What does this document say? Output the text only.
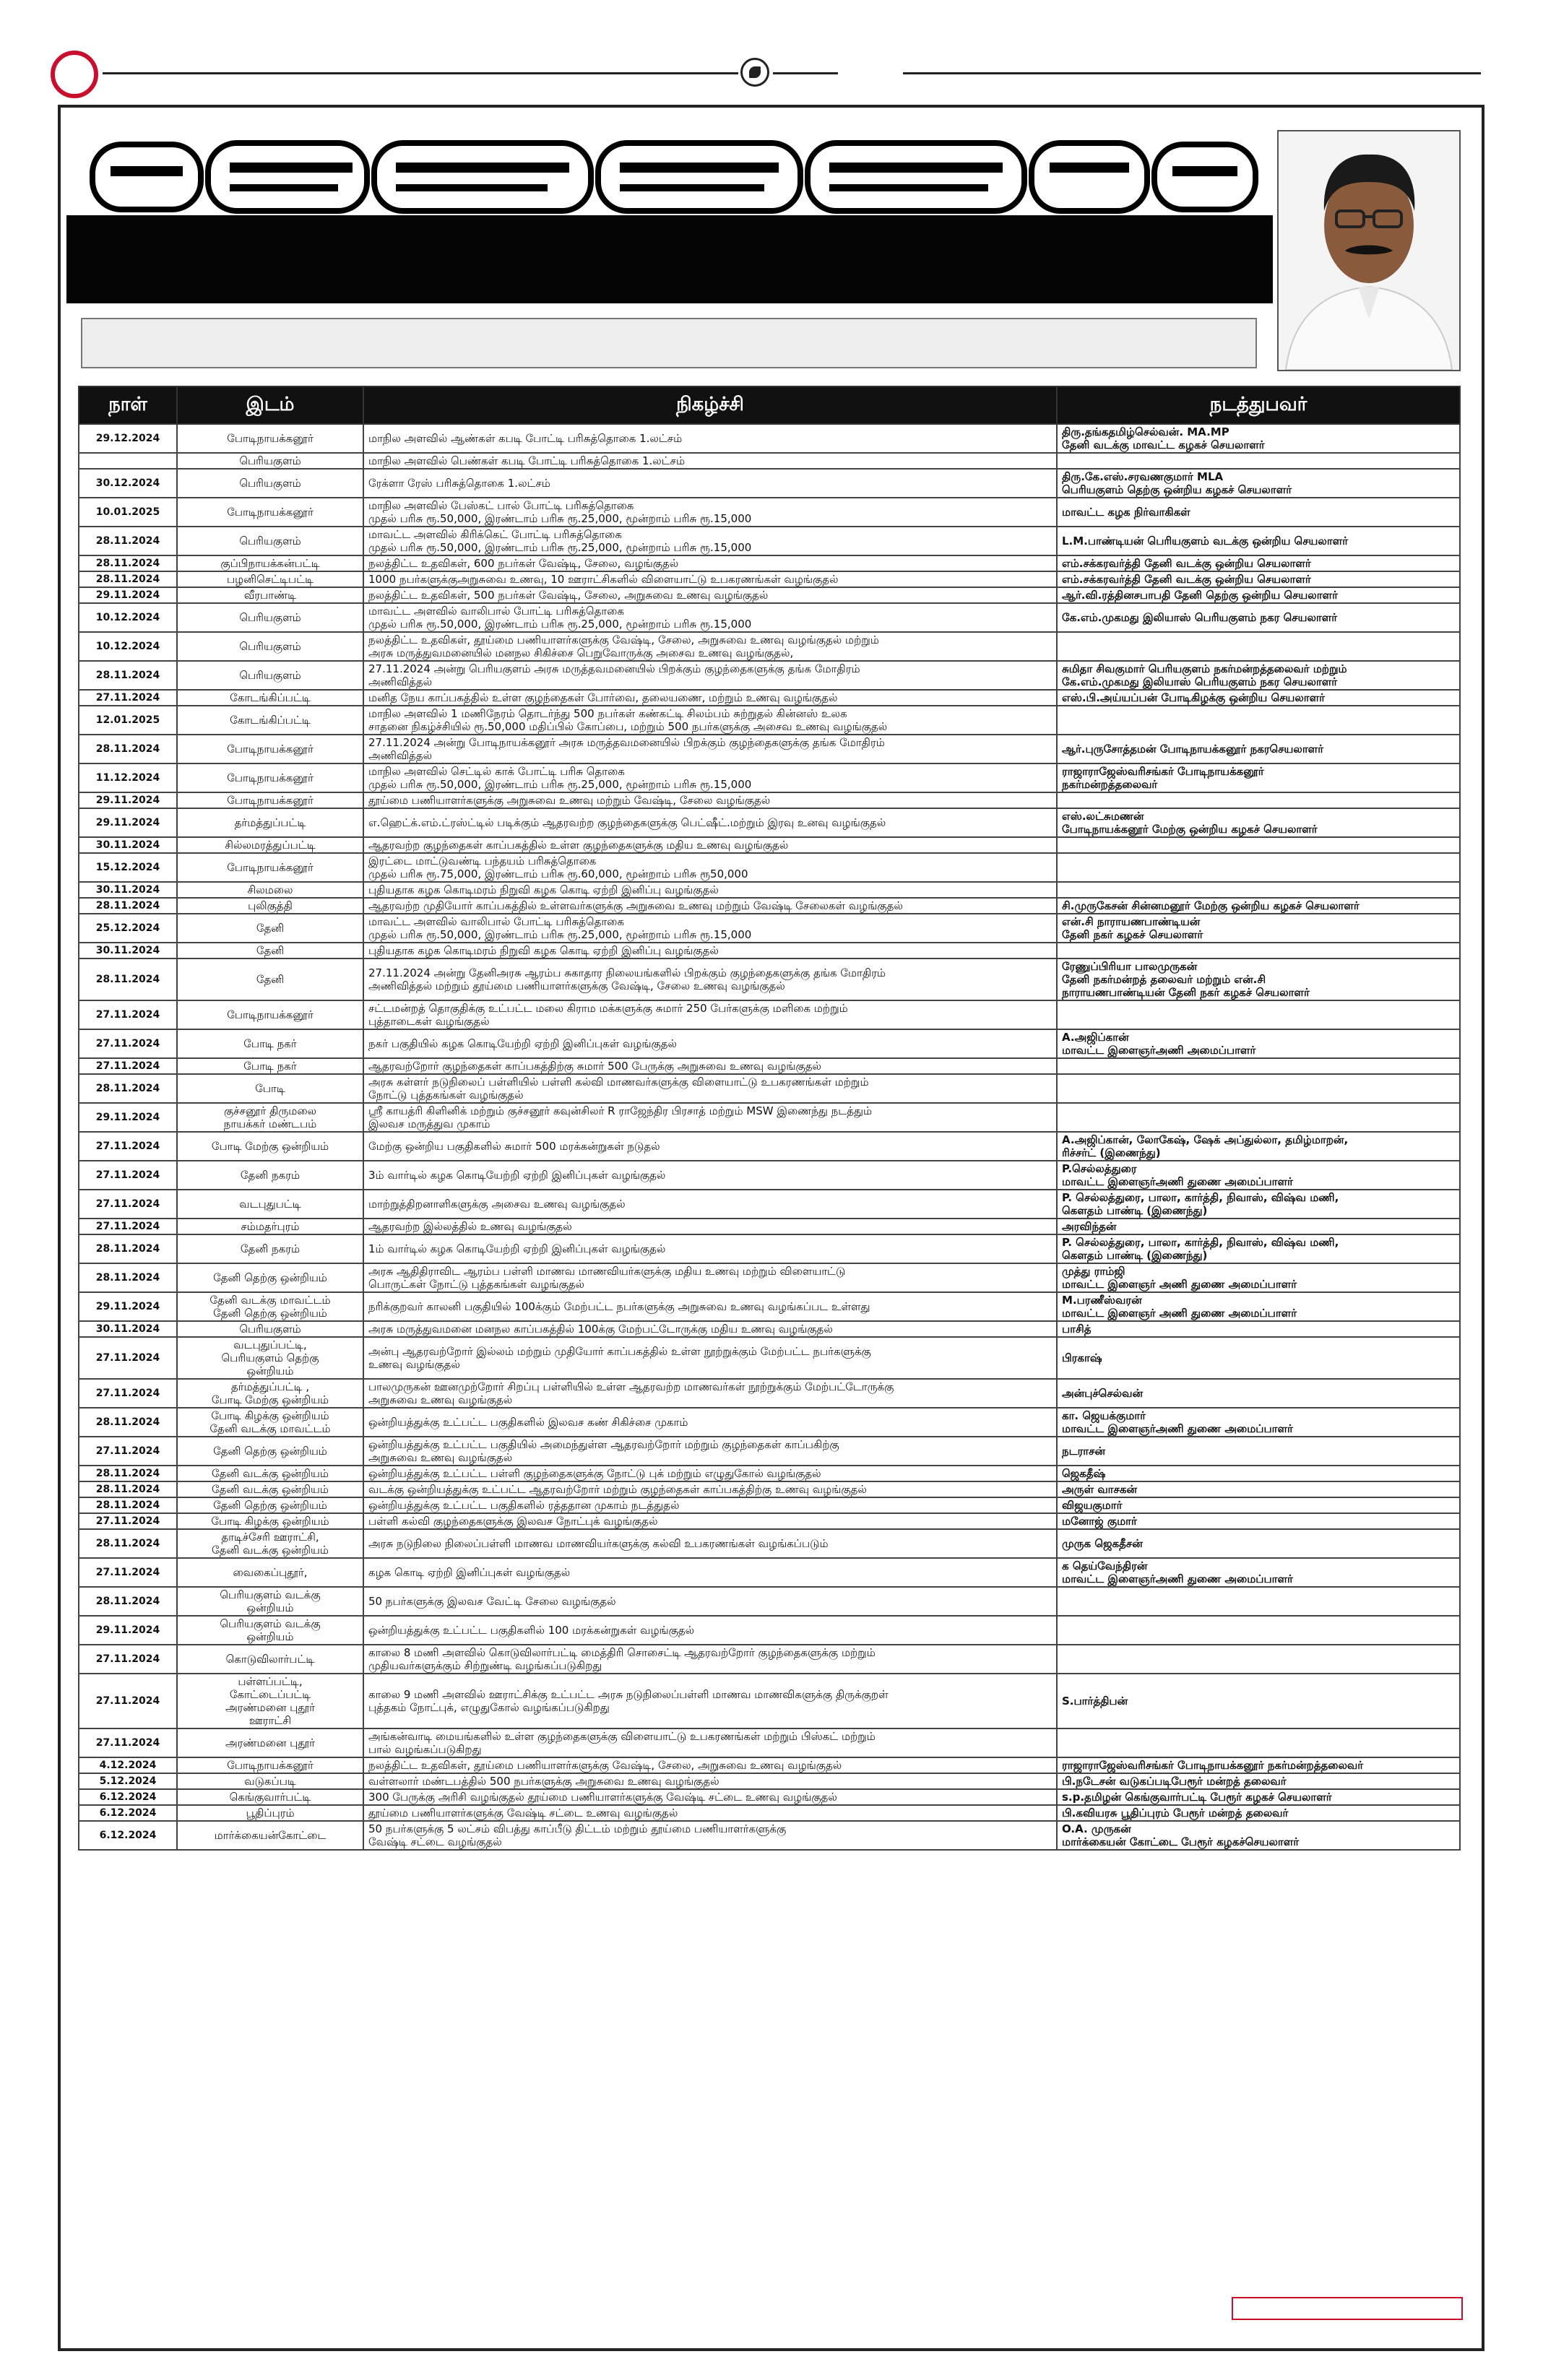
நாள்	இடம்	நிகழ்ச்சி	நடத்துபவர்
29.12.2024	போடிநாயக்கனூர்	மாநில அளவில் ஆண்கள் கபடி போட்டி பரிசுத்தொகை 1.லட்சம்	திரு.தங்கதமிழ்செல்வன். MA.MP
தேனி வடக்கு மாவட்ட கழகச் செயலாளர்
	பெரியகுளம்	மாநில அளவில் பெண்கள் கபடி போட்டி பரிசுத்தொகை 1.லட்சம்	
30.12.2024	பெரியகுளம்	ரேக்ளா ரேஸ் பரிசுத்தொகை 1.லட்சம்	திரு.கே.எஸ்.சரவணகுமார் MLA
பெரியகுளம் தெற்கு ஒன்றிய கழகச் செயலாளர்
10.01.2025	போடிநாயக்கனூர்	மாநில அளவில் பேஸ்கட் பால் போட்டி பரிசுத்தொகை
முதல் பரிசு ரூ.50,000, இரண்டாம் பரிசு ரூ.25,000, மூன்றாம் பரிசு ரூ.15,000	மாவட்ட கழக நிர்வாகிகள்
28.11.2024	பெரியகுளம்	மாவட்ட அளவில் கிரிக்கெட் போட்டி பரிசுத்தொகை
முதல் பரிசு ரூ.50,000, இரண்டாம் பரிசு ரூ.25,000, மூன்றாம் பரிசு ரூ.15,000	L.M.பாண்டியன் பெரியகுளம் வடக்கு ஒன்றிய செயலாளர்
28.11.2024	குப்பிநாயக்கன்பட்டி	நலத்திட்ட உதவிகள், 600 நபர்கள் வேஷ்டி, சேலை, வழங்குதல்	எம்.சக்கரவர்த்தி தேனி வடக்கு ஒன்றிய செயலாளர்
28.11.2024	பழனிசெட்டிபட்டி	1000 நபர்களுக்குஅறுசுவை உணவு, 10 ஊராட்சிகளில் விளையாட்டு உபகரணங்கள் வழங்குதல்	எம்.சக்கரவர்த்தி தேனி வடக்கு ஒன்றிய செயலாளர்
29.11.2024	வீரபாண்டி	நலத்திட்ட உதவிகள், 500 நபர்கள் வேஷ்டி, சேலை, அறுசுவை உணவு வழங்குதல்	ஆர்.வி.ரத்தினசபாபதி தேனி தெற்கு ஒன்றிய செயலாளர்
10.12.2024	பெரியகுளம்	மாவட்ட அளவில் வாலிபால் போட்டி பரிசுத்தொகை
முதல் பரிசு ரூ.50,000, இரண்டாம் பரிசு ரூ.25,000, மூன்றாம் பரிசு ரூ.15,000	கே.எம்.முகமது இலியாஸ் பெரியகுளம் நகர செயலாளர்
10.12.2024	பெரியகுளம்	நலத்திட்ட உதவிகள், தூய்மை பணியாளர்களுக்கு வேஷ்டி, சேலை, அறுசுவை உணவு வழங்குதல் மற்றும்
அரசு மருத்துவமனையில் மனநல சிகிச்சை பெறுவோருக்கு அசைவ உணவு வழங்குதல்,	
28.11.2024	பெரியகுளம்	27.11.2024 அன்று பெரியகுளம் அரசு மருத்தவமனையில் பிறக்கும் குழந்தைகளுக்கு தங்க மோதிரம்
அணிவித்தல்	சுமிதா சிவகுமார் பெரியகுளம் நகர்மன்றத்தலைவர் மற்றும்
கே.எம்.முகமது இலியாஸ் பெரியகுளம் நகர செயலாளர்
27.11.2024	கோடங்கிப்பட்டி	மனித நேய காப்பகத்தில் உள்ள குழந்தைகள் போர்வை, தலையணை, மற்றும் உணவு வழங்குதல்	எஸ்.பி.அய்யப்பன் போடிகிழக்கு ஒன்றிய செயலாளர்
12.01.2025	கோடங்கிப்பட்டி	மாநில அளவில் 1 மணிநேரம் தொடர்ந்து 500 நபர்கள் கண்கட்டி சிலம்பம் சுற்றுதல் கின்னஸ் உலக
சாதனை நிகழ்ச்சியில் ரூ.50,000 மதிப்பில் கோப்பை, மற்றும் 500 நபர்களுக்கு அசைவ உணவு வழங்குதல்	
28.11.2024	போடிநாயக்கனூர்	27.11.2024 அன்று போடிநாயக்கனூர் அரசு மருத்தவமனையில் பிறக்கும் குழந்தைகளுக்கு தங்க மோதிரம்
அணிவித்தல்	ஆர்.புருசோத்தமன் போடிநாயக்கனூர் நகரசெயலாளர்
11.12.2024	போடிநாயக்கனூர்	மாநில அளவில் செட்டில் காக் போட்டி பரிசு தொகை
முதல் பரிசு ரூ.50,000, இரண்டாம் பரிசு ரூ.25,000, மூன்றாம் பரிசு ரூ.15,000	ராஜாராஜேஸ்வரிசங்கர் போடிநாயக்கனூர்
நகர்மன்றத்தலைவர்
29.11.2024	போடிநாயக்கனூர்	தூய்மை பணியாளர்களுக்கு அறுசுவை உணவு மற்றும் வேஷ்டி, சேலை வழங்குதல்	
29.11.2024	தர்மத்துப்பட்டி	எ.ஹெட்க்.எம்.ட்ரஸ்ட்டில் படிக்கும் ஆதரவற்ற குழந்தைகளுக்கு பெட்ஷீட்.மற்றும் இரவு உனவு வழங்குதல்	எஸ்.லட்சுமணன்
போடிநாயக்கனூர் மேற்கு ஒன்றிய கழகச் செயலாளர்
30.11.2024	சில்லமரத்துப்பட்டி	ஆதரவற்ற குழந்தைகள் காப்பகத்தில் உள்ள குழந்தைகளுக்கு மதிய உணவு வழங்குதல்	
15.12.2024	போடிநாயக்கனூர்	இரட்டை மாட்டுவண்டி பந்தயம் பரிசுத்தொகை
முதல் பரிசு ரூ.75,000, இரண்டாம் பரிசு ரூ.60,000, மூன்றாம் பரிசு ரூ50,000	
30.11.2024	சிலமலை	புதியதாக கழக கொடிமரம் நிறுவி கழக கொடி ஏற்றி இனிப்பு வழங்குதல்	
28.11.2024	புலிகுத்தி	ஆதரவற்ற முதியோர் காப்பகத்தில் உள்ளவர்களுக்கு அறுசுவை உணவு மற்றும் வேஷ்டி சேலைகள் வழங்குதல்	சி.முருகேசன் சின்னமனூர் மேற்கு ஒன்றிய கழகச் செயலாளர்
25.12.2024	தேனி	மாவட்ட அளவில் வாலிபால் போட்டி பரிசுத்தொகை
முதல் பரிசு ரூ.50,000, இரண்டாம் பரிசு ரூ.25,000, மூன்றாம் பரிசு ரூ.15,000	என்.சி நாராயணபாண்டியன்
தேனி நகர் கழகச் செயலாளர்
30.11.2024	தேனி	புதியதாக கழக கொடிமரம் நிறுவி கழக கொடி ஏற்றி இனிப்பு வழங்குதல்	
28.11.2024	தேனி	27.11.2024 அன்று தேனிஅரசு ஆரம்ப சுகாதார நிலையங்களில் பிறக்கும் குழந்தைகளுக்கு தங்க மோதிரம்
அணிவித்தல் மற்றும் தூய்மை பணியாளர்களுக்கு வேஷ்டி, சேலை உணவு வழங்குதல்	ரேணுப்பிரியா பாலமுருகன்
தேனி நகர்மன்றத் தலைவர் மற்றும் என்.சி
நாராயணபாண்டியன் தேனி நகர் கழகச் செயலாளர்
27.11.2024	போடிநாயக்கனூர்	சட்டமன்றத் தொகுதிக்கு உட்பட்ட மலை கிராம மக்களுக்கு சுமார் 250 பேர்களுக்கு மளிகை மற்றும்
புத்தாடைகள் வழங்குதல்	
27.11.2024	போடி நகர்	நகர் பகுதியில் கழக கொடியேற்றி ஏற்றி இனிப்புகள் வழங்குதல்	A.அஜிப்கான்
மாவட்ட இளைஞர்அணி அமைப்பாளர்
27.11.2024	போடி நகர்	ஆதரவற்றோர் குழந்தைகள் காப்பகத்திற்கு சுமார் 500 பேருக்கு அறுசுவை உணவு வழங்குதல்	
28.11.2024	போடி	அரசு கள்ளர் நடுநிலைப் பள்ளியில் பள்ளி கல்வி மாணவர்களுக்கு விளையாட்டு உபகரணங்கள் மற்றும்
நோட்டு புத்தகங்கள் வழங்குதல்	
29.11.2024	குச்சனூர் திருமலை
நாயக்கர் மண்டபம்	ஸ்ரீ காயத்ரி கிளினிக் மற்றும் குச்சனூர் கவுன்சிலர் R ராஜேந்திர பிரசாத் மற்றும் MSW இணைந்து நடத்தும்
இலவச மருத்துவ முகாம்	
27.11.2024	போடி மேற்கு ஒன்றியம்	மேற்கு ஒன்றிய பகுதிகளில் சுமார் 500 மரக்கன்றுகள் நடுதல்	A.அஜிப்கான், லோகேஷ், ஷேக் அப்துல்லா, தமிழ்மாறன்,
ரிச்சர்ட் (இணைந்து)
27.11.2024	தேனி நகரம்	3ம் வார்டில் கழக கொடியேற்றி ஏற்றி இனிப்புகள் வழங்குதல்	P.செல்லத்துரை
மாவட்ட இளைஞர்அணி துணை அமைப்பாளர்
27.11.2024	வடபுதுபட்டி	மாற்றுத்திறனாளிகளுக்கு அசைவ உணவு வழங்குதல்	P. செல்லத்துரை, பாலா, கார்த்தி, நிவாஸ், விஷ்வ மணி,
கௌதம் பாண்டி (இணைந்து)
27.11.2024	சம்மதர்புரம்	ஆதரவற்ற இல்லத்தில் உணவு வழங்குதல்	அரவிந்தன்
28.11.2024	தேனி நகரம்	1ம் வார்டில் கழக கொடியேற்றி ஏற்றி இனிப்புகள் வழங்குதல்	P. செல்லத்துரை, பாலா, கார்த்தி, நிவாஸ், விஷ்வ மணி,
கௌதம் பாண்டி (இணைந்து)
28.11.2024	தேனி தெற்கு ஒன்றியம்	அரசு ஆதிதிராவிட ஆரம்ப பள்ளி மாணவ மாணவியர்களுக்கு மதிய உணவு மற்றும் விளையாட்டு
பொருட்கள் நோட்டு புத்தகங்கள் வழங்குதல்	முத்து ராம்ஜி
மாவட்ட இளைஞர் அணி துணை அமைப்பாளர்
29.11.2024	தேனி வடக்கு மாவட்டம்
தேனி தெற்கு ஒன்றியம்	நரிக்குறவர் காலனி பகுதியில் 100க்கும் மேற்பட்ட நபர்களுக்கு அறுசுவை உணவு வழங்கப்பட உள்ளது	M.பரணீஸ்வரன்
மாவட்ட இளைஞர் அணி துணை அமைப்பாளர்
30.11.2024	பெரியகுளம்	அரசு மருத்துவமனை மனநல காப்பகத்தில் 100க்கு மேற்பட்டோருக்கு மதிய உணவு வழங்குதல்	பாசித்
27.11.2024	வடபுதுப்பட்டி,
பெரியகுளம் தெற்கு
ஒன்றியம்	அன்பு ஆதரவற்றோர் இல்லம் மற்றும் முதியோர் காப்பகத்தில் உள்ள நூற்றுக்கும் மேற்பட்ட நபர்களுக்கு
உணவு வழங்குதல்	பிரகாஷ்
27.11.2024	தர்மத்துப்பட்டி ,
போடி மேற்கு ஒன்றியம்	பாலமுருகன் ஊனமுற்றோர் சிறப்பு பள்ளியில் உள்ள ஆதரவற்ற மாணவர்கள் நூற்றுக்கும் மேற்பட்டோருக்கு
அறுசுவை உணவு வழங்குதல்	அன்புச்செல்வன்
28.11.2024	போடி கிழக்கு ஒன்றியம்
தேனி வடக்கு மாவட்டம்	ஒன்றியத்துக்கு உட்பட்ட பகுதிகளில் இலவச கண் சிகிச்சை முகாம்	கா. ஜெயக்குமார்
மாவட்ட இளைஞர்அணி துணை அமைப்பாளர்
27.11.2024	தேனி தெற்கு ஒன்றியம்	ஒன்றியத்துக்கு உட்பட்ட பகுதியில் அமைந்துள்ள ஆதரவற்றோர் மற்றும் குழந்தைகள் காப்பகிற்கு
அறுசுவை உணவு வழங்குதல்	நடராசன்
28.11.2024	தேனி வடக்கு ஒன்றியம்	ஒன்றியத்துக்கு உட்பட்ட பள்ளி குழந்தைகளுக்கு நோட்டு புக் மற்றும் எழுதுகோல் வழங்குதல்	ஜெகதீஷ்
28.11.2024	தேனி வடக்கு ஒன்றியம்	வடக்கு ஒன்றியத்துக்கு உட்பட்ட ஆதரவற்றோர் மற்றும் குழந்தைகள் காப்பகத்திற்கு உணவு வழங்குதல்	அருள் வாசகன்
28.11.2024	தேனி தெற்கு ஒன்றியம்	ஒன்றியத்துக்கு உட்பட்ட பகுதிகளில் ரத்ததான முகாம் நடத்துதல்	விஜயகுமார்
27.11.2024	போடி கிழக்கு ஒன்றியம்	பள்ளி கல்வி குழந்தைகளுக்கு இலவச நோட்புக் வழங்குதல்	மனோஜ் குமார்
28.11.2024	தாடிச்சேரி ஊராட்சி,
தேனி வடக்கு ஒன்றியம்	அரசு நடுநிலை நிலைப்பள்ளி மாணவ மாணவியர்களுக்கு கல்வி உபகரணங்கள் வழங்கப்படும்	முருக ஜெகதீசன்
27.11.2024	வைகைப்புதூர்,	கழக கொடி ஏற்றி இனிப்புகள் வழங்குதல்	க தெய்வேந்திரன்
மாவட்ட இளைஞர்அணி துணை அமைப்பாளர்
28.11.2024	பெரியகுளம் வடக்கு
ஒன்றியம்	50 நபர்களுக்கு இலவச வேட்டி சேலை வழங்குதல்	
29.11.2024	பெரியகுளம் வடக்கு
ஒன்றியம்	ஒன்றியத்துக்கு உட்பட்ட பகுதிகளில் 100 மரக்கன்றுகள் வழங்குதல்	
27.11.2024	கொடுவிலார்பட்டி	காலை 8 மணி அளவில் கொடுவிலார்பட்டி மைத்திரி சொசைட்டி ஆதரவற்றோர் குழந்தைகளுக்கு மற்றும்
முதியவர்களுக்கும் சிற்றுண்டி வழங்கப்படுகிறது	
27.11.2024	பள்ளப்பட்டி,
கோட்டைப்பட்டி
அரண்மனை புதூர்
ஊராட்சி	காலை 9 மணி அளவில் ஊராட்சிக்கு உட்பட்ட அரசு நடுநிலைப்பள்ளி மாணவ மாணவிகளுக்கு திருக்குறள்
புத்தகம் நோட்புக், எழுதுகோல் வழங்கப்படுகிறது	S.பார்த்திபன்
27.11.2024	அரண்மனை புதூர்	அங்கன்வாடி மையங்களில் உள்ள குழந்தைகளுக்கு விளையாட்டு உபகரணங்கள் மற்றும் பிஸ்கட் மற்றும்
பால் வழங்கப்படுகிறது	
4.12.2024	போடிநாயக்கனூர்	நலத்திட்ட உதவிகள், தூய்மை பணியாளர்களுக்கு வேஷ்டி, சேலை, அறுசுவை உணவு வழங்குதல்	ராஜாராஜேஸ்வரிசங்கர் போடிநாயக்கனூர் நகர்மன்றத்தலைவர்
5.12.2024	வடுகப்படி	வள்ளலார் மண்டபத்தில் 500 நபர்களுக்கு அறுசுவை உணவு வழங்குதல்	பி.நடேசன் வடுகப்படிபேரூர் மன்றத் தலைவர்
6.12.2024	கெங்குவார்பட்டி	300 பேருக்கு அரிசி வழங்குதல் தூய்மை பணியாளர்களுக்கு வேஷ்டி சட்டை உணவு வழங்குதல்	s.p.தமிழன் கெங்குவார்பட்டி பேரூர் கழகச் செயலாளர்
6.12.2024	பூதிப்புரம்	தூய்மை பணியாளர்களுக்கு வேஷ்டி சட்டை உணவு வழங்குதல்	பி.கவியரசு பூதிப்புரம் பேரூர் மன்றத் தலைவர்
6.12.2024	மார்க்கையன்கோட்டை	50 நபர்களுக்கு 5 லட்சம் விபத்து காப்பீடு திட்டம் மற்றும் தூய்மை பணியாளர்களுக்கு
வேஷ்டி சட்டை வழங்குதல்	O.A. முருகன்
மார்க்கையன் கோட்டை பேரூர் கழகச்செயலாளர்
